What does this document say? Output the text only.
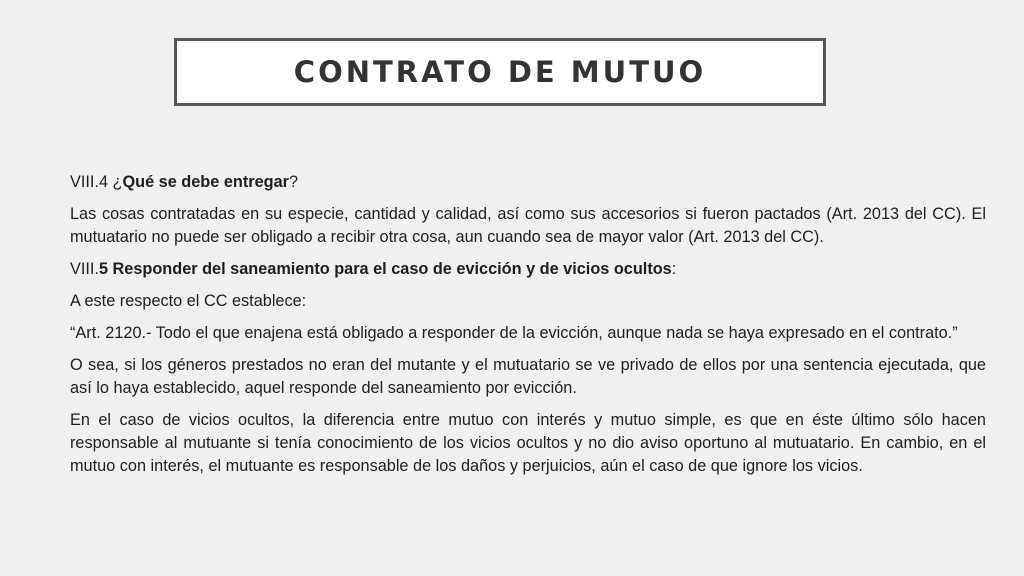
CONTRATO DE MUTUO

VIII.4 ¿Qué se debe entregar?

Las cosas contratadas en su especie, cantidad y calidad, así como sus accesorios si fueron pactados (Art. 2013 del CC). El mutuatario no puede ser obligado a recibir otra cosa, aun cuando sea de mayor valor (Art. 2013 del CC).

VIII.5 Responder del saneamiento para el caso de evicción y de vicios ocultos:

A este respecto el CC establece:

“Art. 2120.- Todo el que enajena está obligado a responder de la evicción, aunque nada se haya expresado en el contrato.”

O sea, si los géneros prestados no eran del mutante y el mutuatario se ve privado de ellos por una sentencia ejecutada, que así lo haya establecido, aquel responde del saneamiento por evicción.

En el caso de vicios ocultos, la diferencia entre mutuo con interés y mutuo simple, es que en éste último sólo hacen responsable al mutuante si tenía conocimiento de los vicios ocultos y no dio aviso oportuno al mutuatario. En cambio, en el mutuo con interés, el mutuante es responsable de los daños y perjuicios, aún el caso de que ignore los vicios.
